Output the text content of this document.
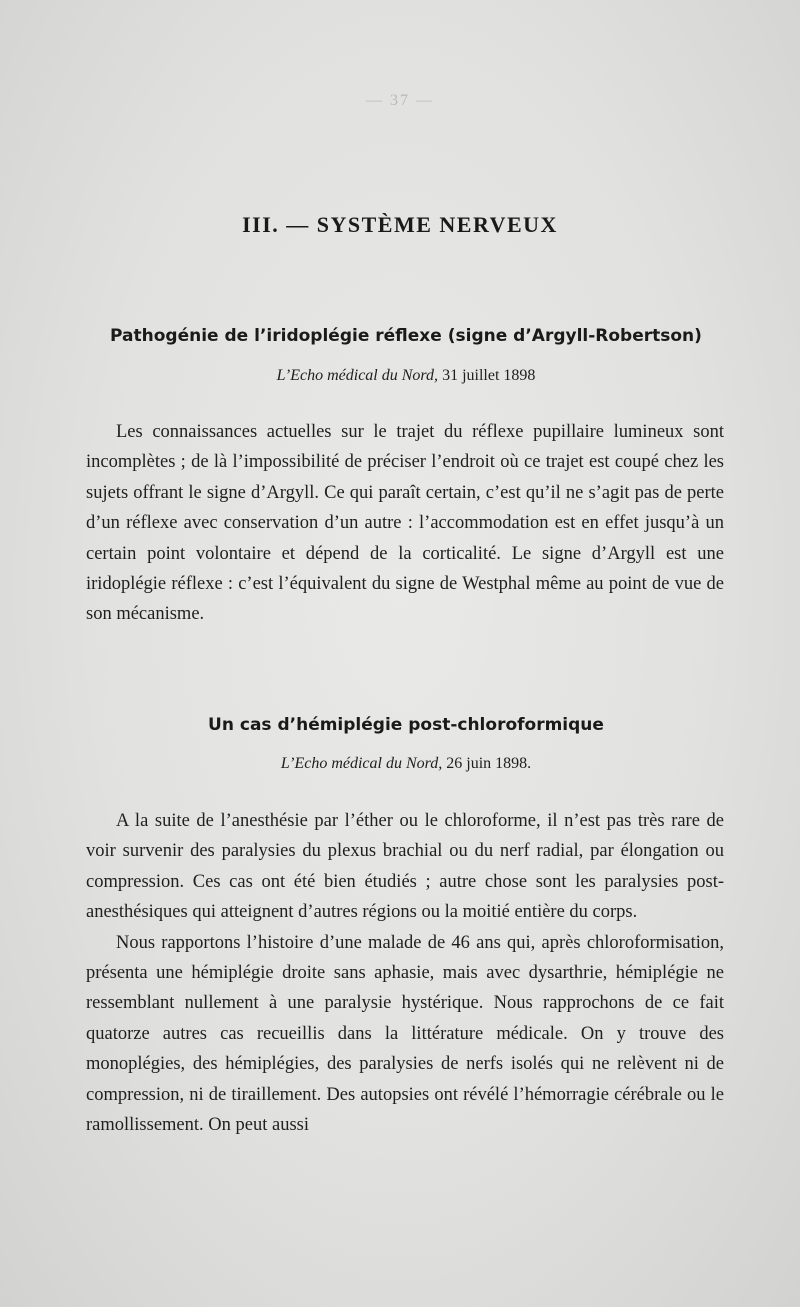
— 37 —
III. — SYSTÈME NERVEUX
Pathogénie de l’iridoplégie réflexe (signe d’Argyll-Robertson)
L’Echo médical du Nord, 31 juillet 1898

Les connaissances actuelles sur le trajet du réflexe pupillaire lumineux sont incomplètes ; de là l’impossibilité de préciser l’endroit où ce trajet est coupé chez les sujets offrant le signe d’Argyll. Ce qui paraît certain, c’est qu’il ne s’agit pas de perte d’un réflexe avec conservation d’un autre : l’accommodation est en effet jusqu’à un certain point volontaire et dépend de la corticalité. Le signe d’Argyll est une iridoplégie réflexe : c’est l’équivalent du signe de Westphal même au point de vue de son mécanisme.

Un cas d’hémiplégie post-chloroformique
L’Echo médical du Nord, 26 juin 1898.

A la suite de l’anesthésie par l’éther ou le chloroforme, il n’est pas très rare de voir survenir des paralysies du plexus brachial ou du nerf radial, par élongation ou compression. Ces cas ont été bien étudiés ; autre chose sont les paralysies post-anesthésiques qui atteignent d’autres régions ou la moitié entière du corps.

Nous rapportons l’histoire d’une malade de 46 ans qui, après chloroformisation, présenta une hémiplégie droite sans aphasie, mais avec dysarthrie, hémiplégie ne ressemblant nullement à une paralysie hystérique. Nous rapprochons de ce fait quatorze autres cas recueillis dans la littérature médicale. On y trouve des monoplégies, des hémiplégies, des paralysies de nerfs isolés qui ne relèvent ni de compression, ni de tiraillement. Des autopsies ont révélé l’hémorragie cérébrale ou le ramollissement. On peut aussi
